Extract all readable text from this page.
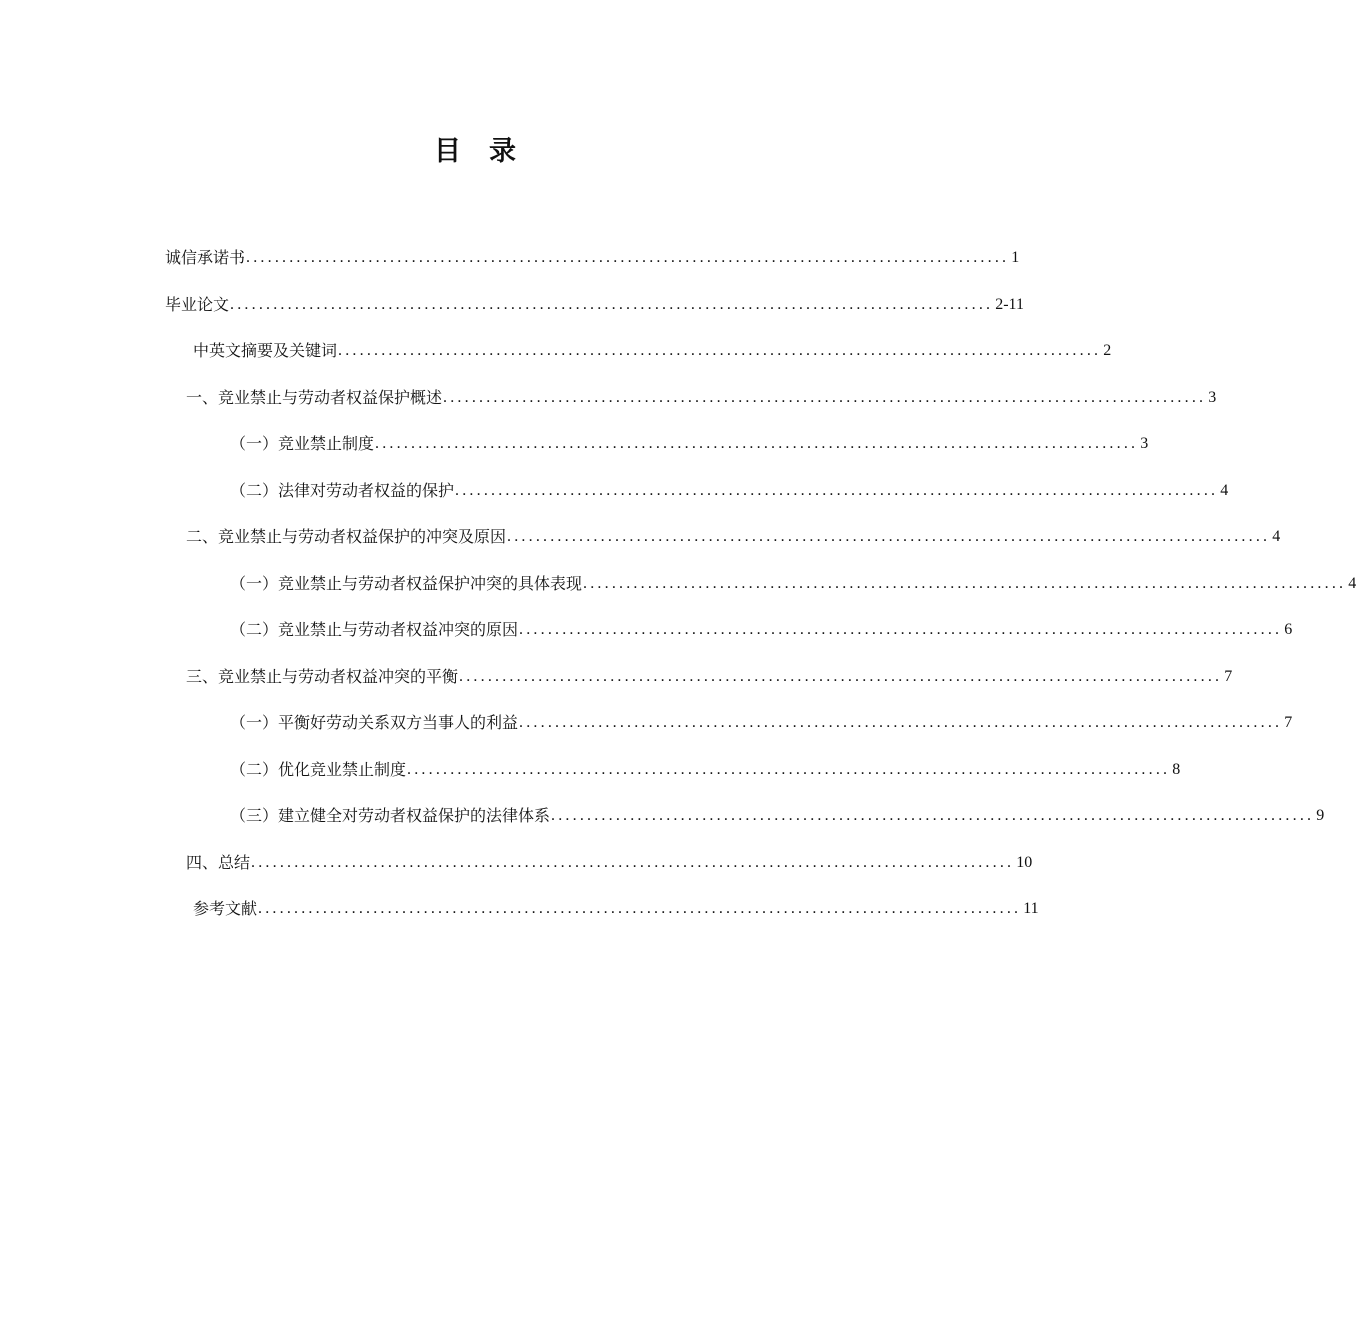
目录
诚信承诺书 .......................................................................................................... 1
毕业论文 .......................................................................................................... 2-11
中英文摘要及关键词 .......................................................................................................... 2
一、竞业禁止与劳动者权益保护概述 .......................................................................................................... 3
（一）竞业禁止制度 .......................................................................................................... 3
（二）法律对劳动者权益的保护 .......................................................................................................... 4
二、竞业禁止与劳动者权益保护的冲突及原因 .......................................................................................................... 4
（一）竞业禁止与劳动者权益保护冲突的具体表现 .......................................................................................................... 4
（二）竞业禁止与劳动者权益冲突的原因 .......................................................................................................... 6
三、竞业禁止与劳动者权益冲突的平衡 .......................................................................................................... 7
（一）平衡好劳动关系双方当事人的利益 .......................................................................................................... 7
（二）优化竞业禁止制度 .......................................................................................................... 8
（三）建立健全对劳动者权益保护的法律体系 .......................................................................................................... 9
四、总结 .......................................................................................................... 10
参考文献 .......................................................................................................... 11
